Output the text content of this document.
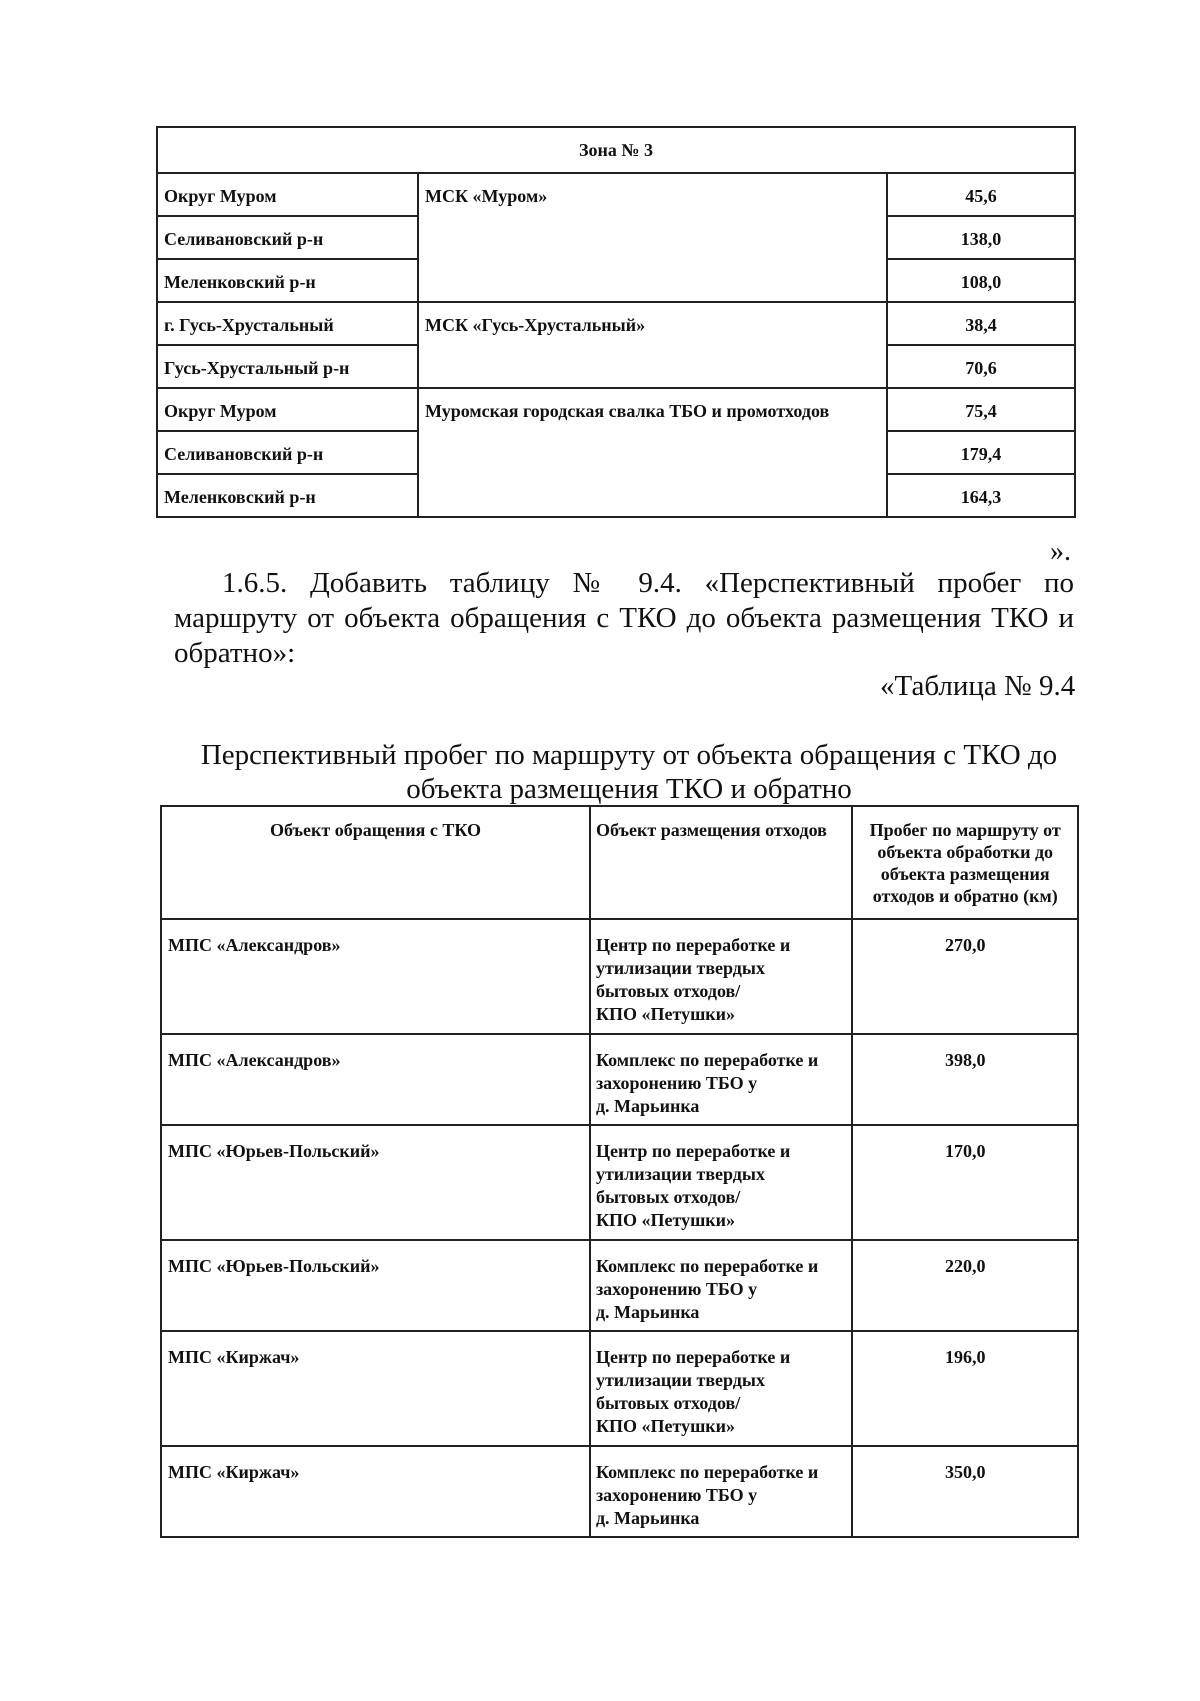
Зона № 3		
Округ Муром	МСК «Муром»	45,6
Селивановский р-н		138,0
Меленковский р-н		108,0
г. Гусь-Хрустальный	МСК «Гусь-Хрустальный»	38,4
Гусь-Хрустальный р-н		70,6
Округ Муром	Муромская городская свалка ТБО и промотходов	75,4
Селивановский р-н		179,4
Меленковский р-н		164,3
».

1.6.5. Добавить таблицу № 9.4. «Перспективный пробег по маршруту от объекта обращения с ТКО до объекта размещения ТКО и обратно»:

«Таблица № 9.4

Перспективный пробег по маршруту от объекта обращения с ТКО до объекта размещения ТКО и обратно

Объект обращения с ТКО	Объект размещения отходов	Пробег по маршруту от объекта обработки до объекта размещения отходов и обратно (км)
МПС «Александров»	Центр по переработке и
утилизации твердых
бытовых отходов/
КПО «Петушки»	270,0
МПС «Александров»	Комплекс по переработке и
захоронению ТБО у
д. Марьинка	398,0
МПС «Юрьев-Польский»	Центр по переработке и
утилизации твердых
бытовых отходов/
КПО «Петушки»	170,0
МПС «Юрьев-Польский»	Комплекс по переработке и
захоронению ТБО у
д. Марьинка	220,0
МПС «Киржач»	Центр по переработке и
утилизации твердых
бытовых отходов/
КПО «Петушки»	196,0
МПС «Киржач»	Комплекс по переработке и
захоронению ТБО у
д. Марьинка	350,0
